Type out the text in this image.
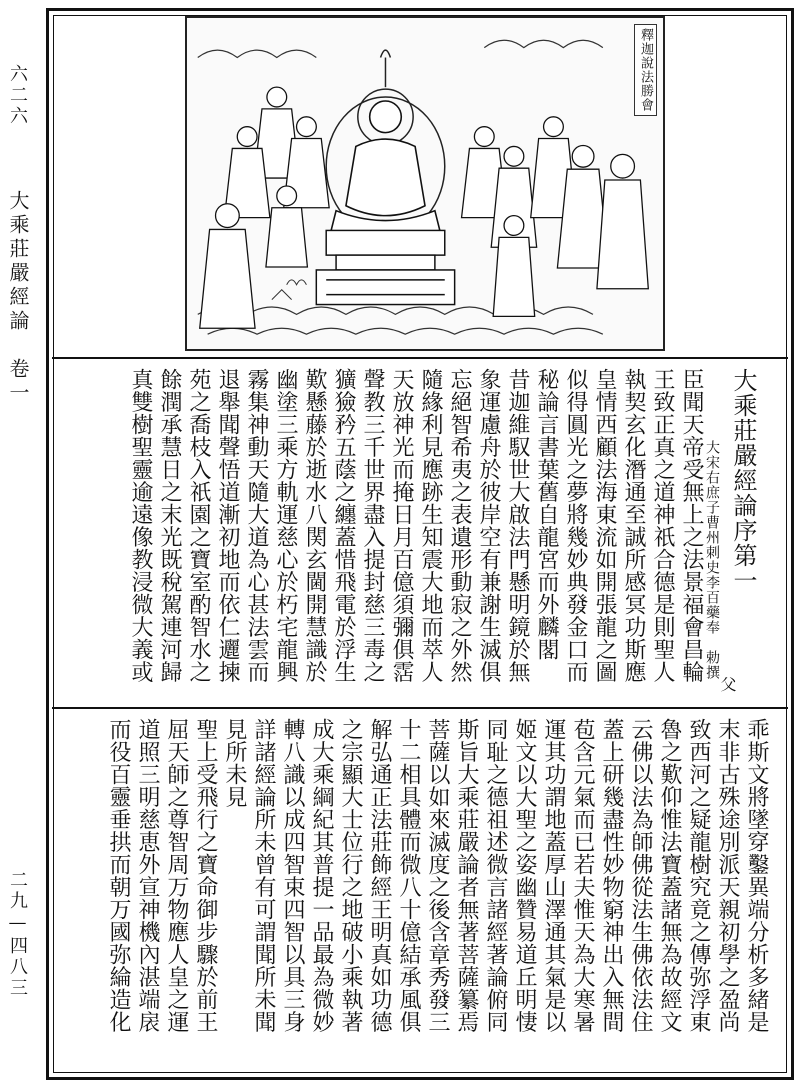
六二六
大乘莊嚴經論　卷一
二九—四八三
釋迦說法勝會
大乘莊嚴經論序第一
大宋右庶子曹州刺史李百藥奉　勅撰
臣聞天帝受無上之法景福會昌輪
王致正真之道神祇合德是則聖人
執契玄化潛通至誠所感冥功斯應
皇情西顧法海東流如開張龍之圖
似得圓光之夢將幾妙典發金口而
秘論言書葉舊自龍宮而外麟閣
昔迦維馭世大啟法門懸明鏡於無
象運慮舟於彼岸空有兼謝生滅俱
忘絕智希夷之表遺形動寂之外然
隨緣利見應跡生知震大地而萃人
天放神光而掩日月百億須彌俱霑
聲教三千世界盡入提封慈三毒之
獷獫矜五蔭之纏蓋惜飛電於浮生
歎懸藤於逝水八関玄閫開慧識於
幽塗三乘方軌運慈心於朽宅龍興
霧集神動天隨大道為心甚法雲而
退舉聞聲悟道漸初地而依仁邐揀
苑之喬枝入祇園之寶室酌智水之
餘潤承慧日之末光既稅駕連河歸
真雙樹聖靈逾遠像教浸微大義或
父
乖斯文將墜穿鑿異端分析多緒是
末非古殊途別派天親初學之盈尚
致西河之疑龍樹究竟之傳弥浮東
魯之歎仰惟法寶蓋諸無為故經文
云佛以法為師佛從法生佛依法住
蓋上研幾盡性妙物窮神出入無間
苞含元氣而已若夫惟天為大寒暑
運其功謂地蓋厚山澤通其氣是以
姬文以大聖之姿幽贊易道丘明悽
同耻之德祖述微言諸經著論俯同
斯旨大乘莊嚴論者無著菩薩纂焉
菩薩以如來滅度之後含章秀發三
十二相具體而微八十億結承風俱
解弘通正法莊飾經王明真如功德
之宗顯大士位行之地破小乘執著
成大乘綱紀其普提一品最為微妙
轉八識以成四智束四智以具三身
詳諸經論所未曾有可謂聞所未聞
見所未見
聖上受飛行之寶命御步驟於前王
屈天師之尊智周万物應人皇之運
道照三明慈恵外宣神機內湛端扆
而役百靈垂拱而朝万國弥綸造化
